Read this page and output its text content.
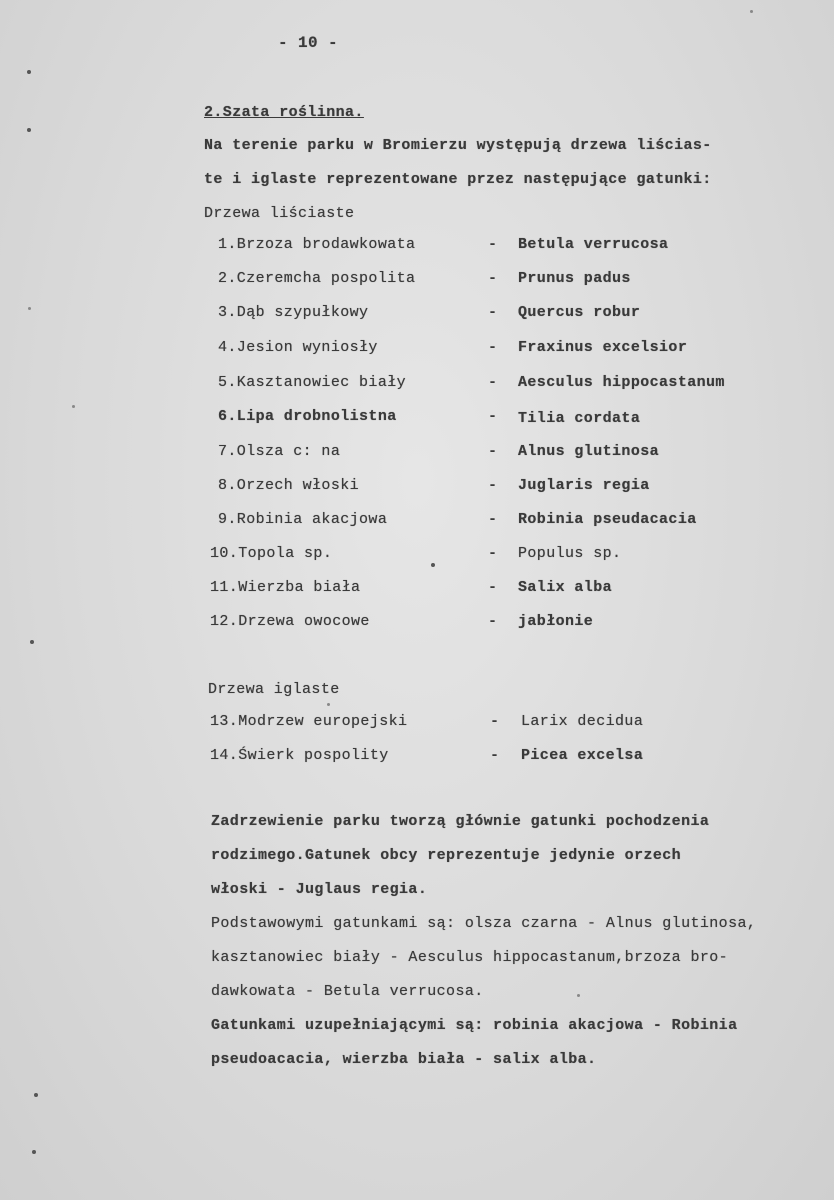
- 10 -
2.Szata roślinna.
Na terenie parku w Bromierzu występują drzewa liścias-
te i iglaste reprezentowane przez następujące gatunki:
Drzewa liściaste
1.Brzoza brodawkowata	- Betula verrucosa
2.Czeremcha pospolita	- Prunus padus
3.Dąb szypułkowy	- Quercus robur
4.Jesion wyniosły	- Fraxinus excelsior
5.Kasztanowiec biały	- Aesculus hippocastanum
6.Lipa drobnolistna	- Tilia cordata
7.Olsza c: na	- Alnus glutinosa
8.Orzech włoski	- Juglaris regia
9.Robinia akacjowa	- Robinia pseudacacia
10.Topola sp.	- Populus sp.
11.Wierzba biała	- Salix alba
12.Drzewa owocowe	- jabłonie
Drzewa iglaste
13.Modrzew europejski	- Larix decidua
14.Świerk pospolity	- Picea excelsa
Zadrzewienie parku tworzą głównie gatunki pochodzenia
rodzimego.Gatunek obcy reprezentuje jedynie orzech
włoski - Juglaus regia.
Podstawowymi gatunkami są: olsza czarna - Alnus glutinosa,
kasztanowiec biały - Aesculus hippocastanum,brzoza bro-
dawkowata - Betula verrucosa.
Gatunkami uzupełniającymi są: robinia akacjowa - Robinia
pseudoacacia, wierzba biała - salix alba.
